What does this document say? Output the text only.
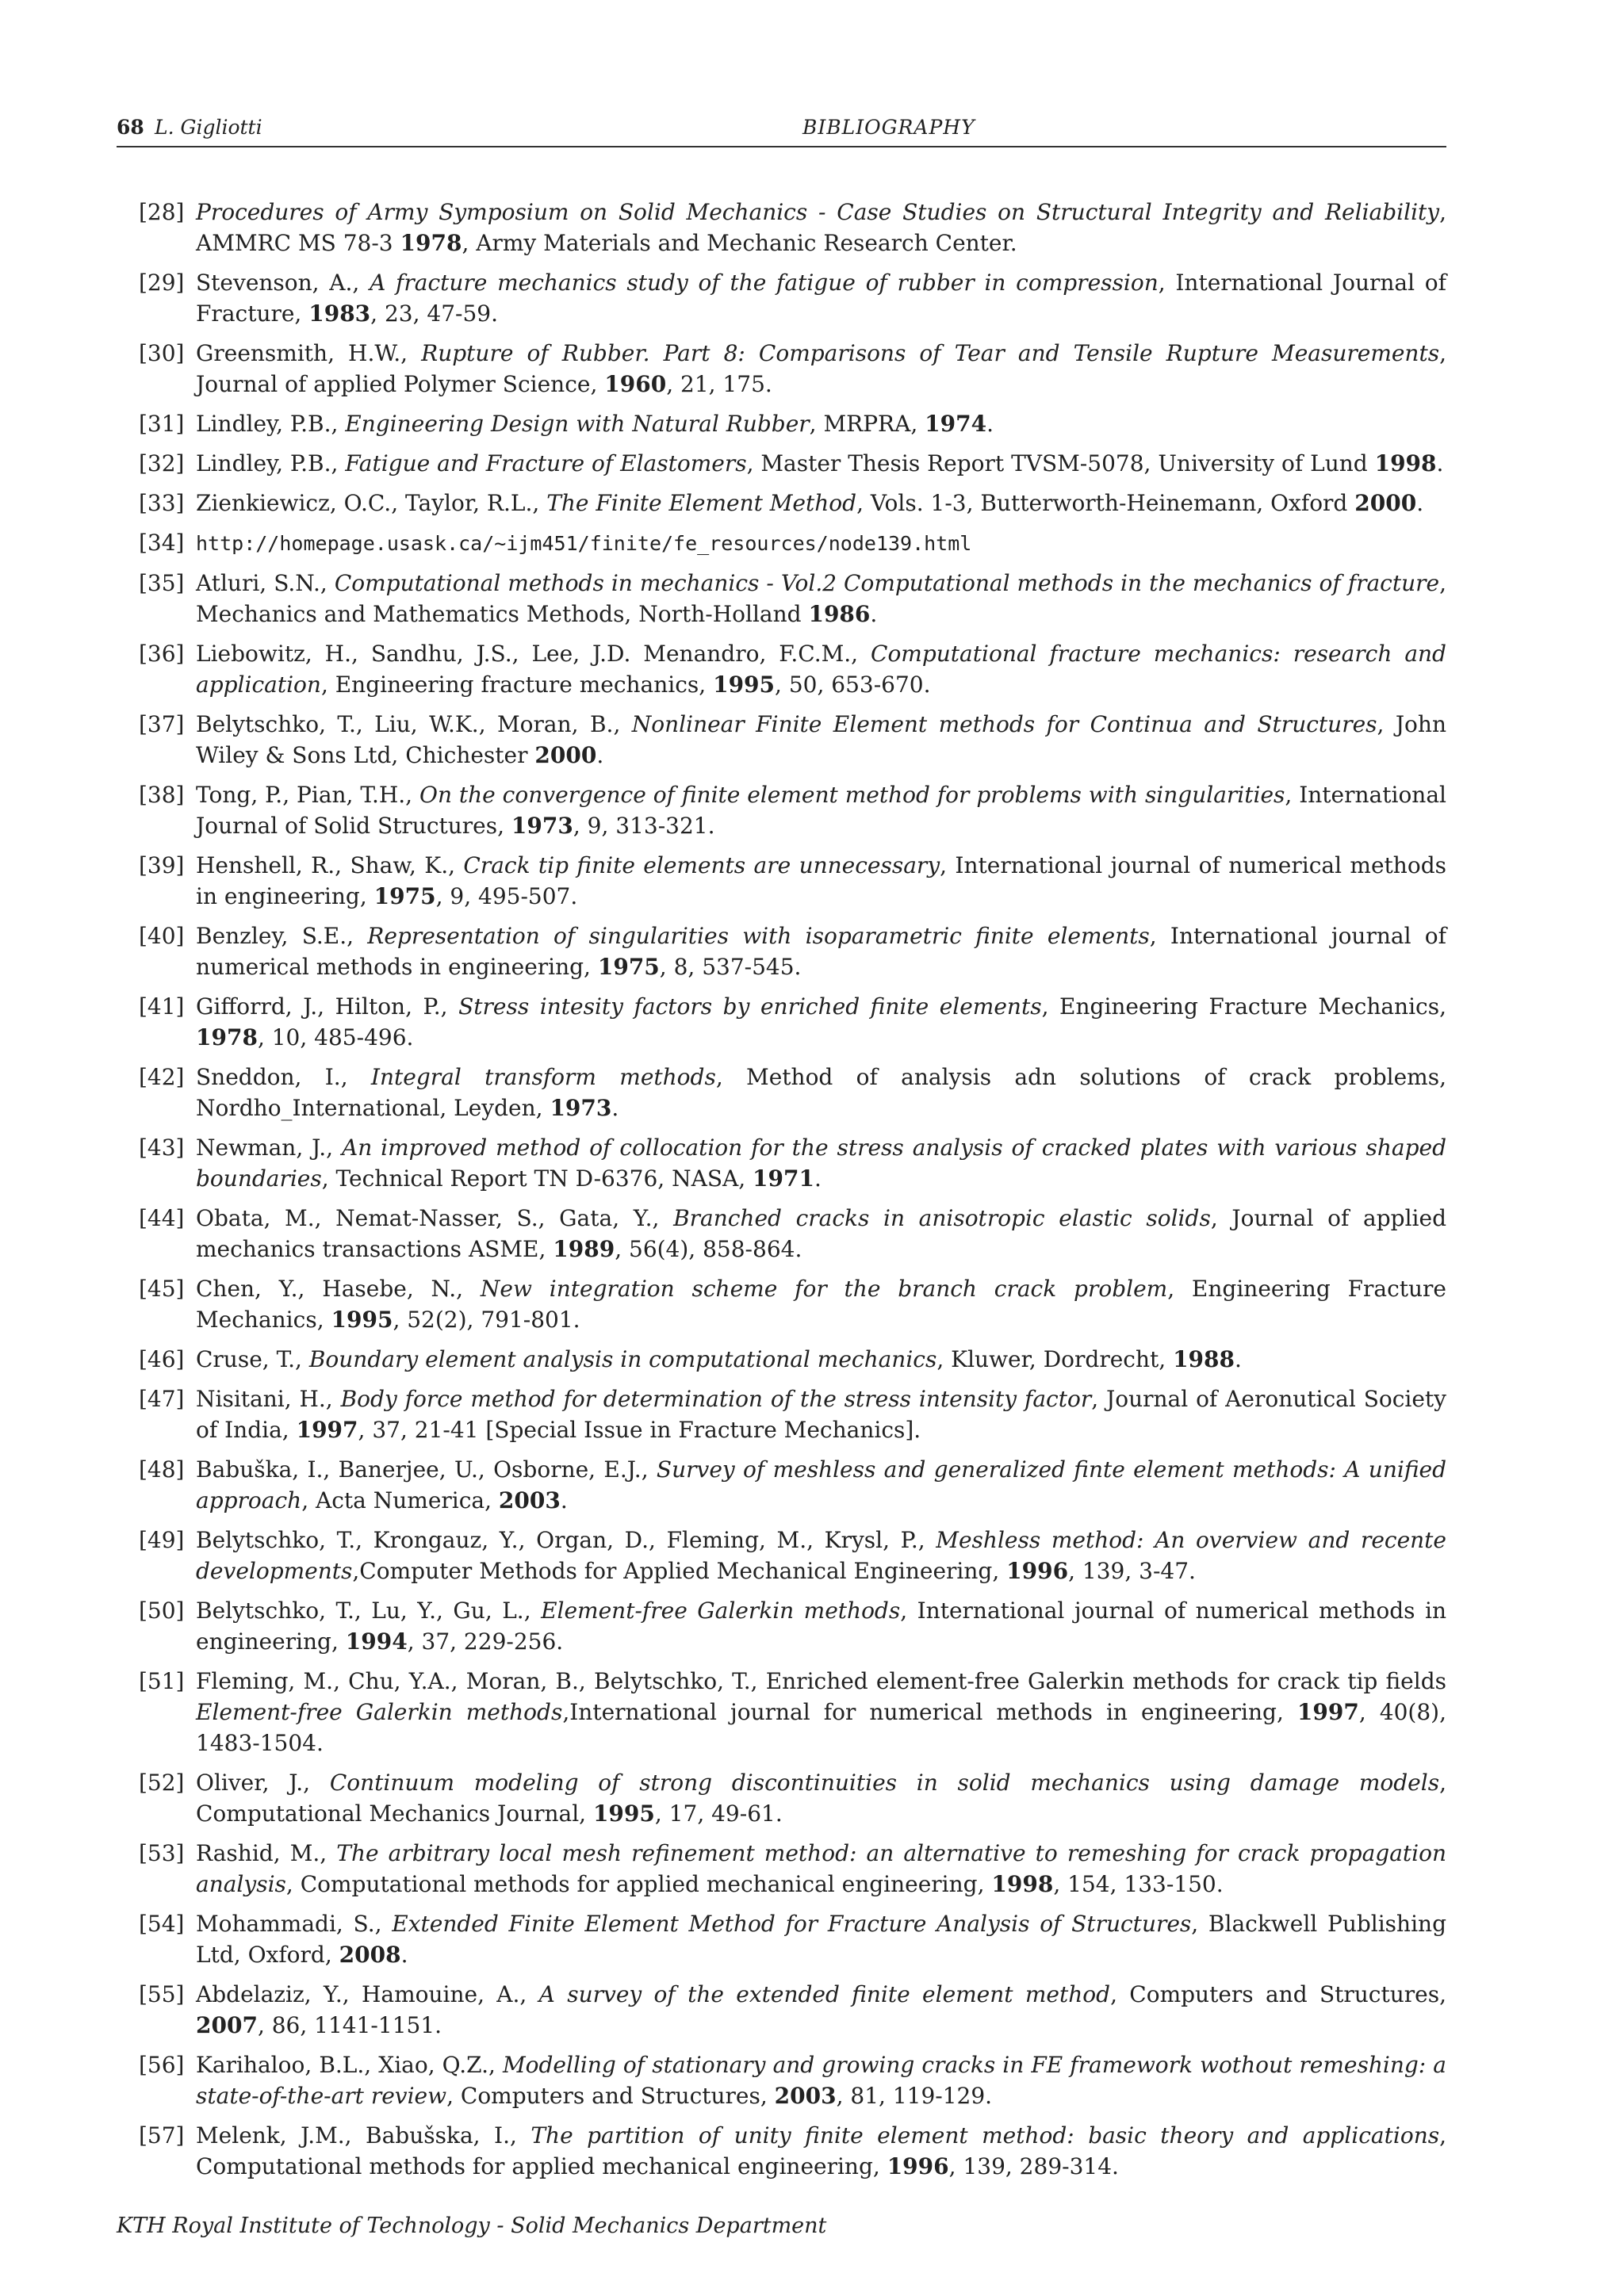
68 L. Gigliotti	BIBLIOGRAPHY
[28] Procedures of Army Symposium on Solid Mechanics - Case Studies on Structural Integrity and Reliability, AMMRC MS 78-3 1978, Army Materials and Mechanic Research Center.
[29] Stevenson, A., A fracture mechanics study of the fatigue of rubber in compression, International Journal of Fracture, 1983, 23, 47-59.
[30] Greensmith, H.W., Rupture of Rubber. Part 8: Comparisons of Tear and Tensile Rupture Measurements, Journal of applied Polymer Science, 1960, 21, 175.
[31] Lindley, P.B., Engineering Design with Natural Rubber, MRPRA, 1974.
[32] Lindley, P.B., Fatigue and Fracture of Elastomers, Master Thesis Report TVSM-5078, University of Lund 1998.
[33] Zienkiewicz, O.C., Taylor, R.L., The Finite Element Method, Vols. 1-3, Butterworth-Heinemann, Oxford 2000.
[34] http://homepage.usask.ca/~ijm451/finite/fe_resources/node139.html
[35] Atluri, S.N., Computational methods in mechanics - Vol.2 Computational methods in the mechanics of fracture, Mechanics and Mathematics Methods, North-Holland 1986.
[36] Liebowitz, H., Sandhu, J.S., Lee, J.D. Menandro, F.C.M., Computational fracture mechanics: research and application, Engineering fracture mechanics, 1995, 50, 653-670.
[37] Belytschko, T., Liu, W.K., Moran, B., Nonlinear Finite Element methods for Continua and Structures, John Wiley & Sons Ltd, Chichester 2000.
[38] Tong, P., Pian, T.H., On the convergence of finite element method for problems with singularities, International Journal of Solid Structures, 1973, 9, 313-321.
[39] Henshell, R., Shaw, K., Crack tip finite elements are unnecessary, International journal of numerical methods in engineering, 1975, 9, 495-507.
[40] Benzley, S.E., Representation of singularities with isoparametric finite elements, International journal of numerical methods in engineering, 1975, 8, 537-545.
[41] Gifforrd, J., Hilton, P., Stress intesity factors by enriched finite elements, Engineering Fracture Mechanics, 1978, 10, 485-496.
[42] Sneddon, I., Integral transform methods, Method of analysis adn solutions of crack problems, Nordho_International, Leyden, 1973.
[43] Newman, J., An improved method of collocation for the stress analysis of cracked plates with various shaped boundaries, Technical Report TN D-6376, NASA, 1971.
[44] Obata, M., Nemat-Nasser, S., Gata, Y., Branched cracks in anisotropic elastic solids, Journal of applied mechanics transactions ASME, 1989, 56(4), 858-864.
[45] Chen, Y., Hasebe, N., New integration scheme for the branch crack problem, Engineering Fracture Mechanics, 1995, 52(2), 791-801.
[46] Cruse, T., Boundary element analysis in computational mechanics, Kluwer, Dordrecht, 1988.
[47] Nisitani, H., Body force method for determination of the stress intensity factor, Journal of Aeronutical Society of India, 1997, 37, 21-41 [Special Issue in Fracture Mechanics].
[48] Babuška, I., Banerjee, U., Osborne, E.J., Survey of meshless and generalized finte element methods: A unified approach, Acta Numerica, 2003.
[49] Belytschko, T., Krongauz, Y., Organ, D., Fleming, M., Krysl, P., Meshless method: An overview and recente developments,Computer Methods for Applied Mechanical Engineering, 1996, 139, 3-47.
[50] Belytschko, T., Lu, Y., Gu, L., Element-free Galerkin methods, International journal of numerical methods in engineering, 1994, 37, 229-256.
[51] Fleming, M., Chu, Y.A., Moran, B., Belytschko, T., Enriched element-free Galerkin methods for crack tip fields Element-free Galerkin methods,International journal for numerical methods in engineering, 1997, 40(8), 1483-1504.
[52] Oliver, J., Continuum modeling of strong discontinuities in solid mechanics using damage models, Computational Mechanics Journal, 1995, 17, 49-61.
[53] Rashid, M., The arbitrary local mesh refinement method: an alternative to remeshing for crack propagation analysis, Computational methods for applied mechanical engineering, 1998, 154, 133-150.
[54] Mohammadi, S., Extended Finite Element Method for Fracture Analysis of Structures, Blackwell Publishing Ltd, Oxford, 2008.
[55] Abdelaziz, Y., Hamouine, A., A survey of the extended finite element method, Computers and Structures, 2007, 86, 1141-1151.
[56] Karihaloo, B.L., Xiao, Q.Z., Modelling of stationary and growing cracks in FE framework wothout remeshing: a state-of-the-art review, Computers and Structures, 2003, 81, 119-129.
[57] Melenk, J.M., Babušska, I., The partition of unity finite element method: basic theory and applications, Computational methods for applied mechanical engineering, 1996, 139, 289-314.
KTH Royal Institute of Technology - Solid Mechanics Department
